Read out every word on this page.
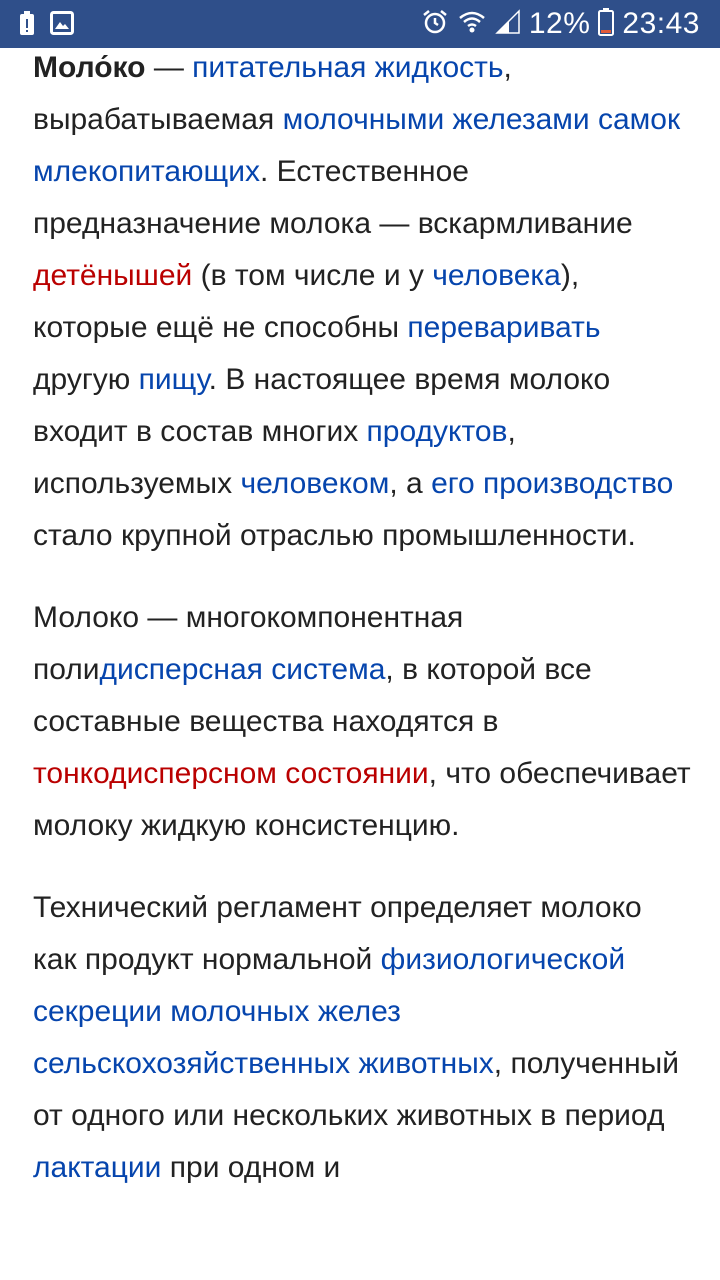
12% 23:43

Моло́ко — питательная жидкость, вырабатываемая молочными железами самок млекопитающих. Естественное предназначение молока — вскармливание детёнышей (в том числе и у человека), которые ещё не способны переваривать другую пищу. В настоящее время молоко входит в состав многих продуктов, используемых человеком, а его производство стало крупной отраслью промышленности.

Молоко — многокомпонентная полидисперсная система, в которой все составные вещества находятся в тонкодисперсном состоянии, что обеспечивает молоку жидкую консистенцию.

Технический регламент определяет молоко как продукт нормальной физиологической секреции молочных желез сельскохозяйственных животных, полученный от одного или нескольких животных в период лактации при одном и
